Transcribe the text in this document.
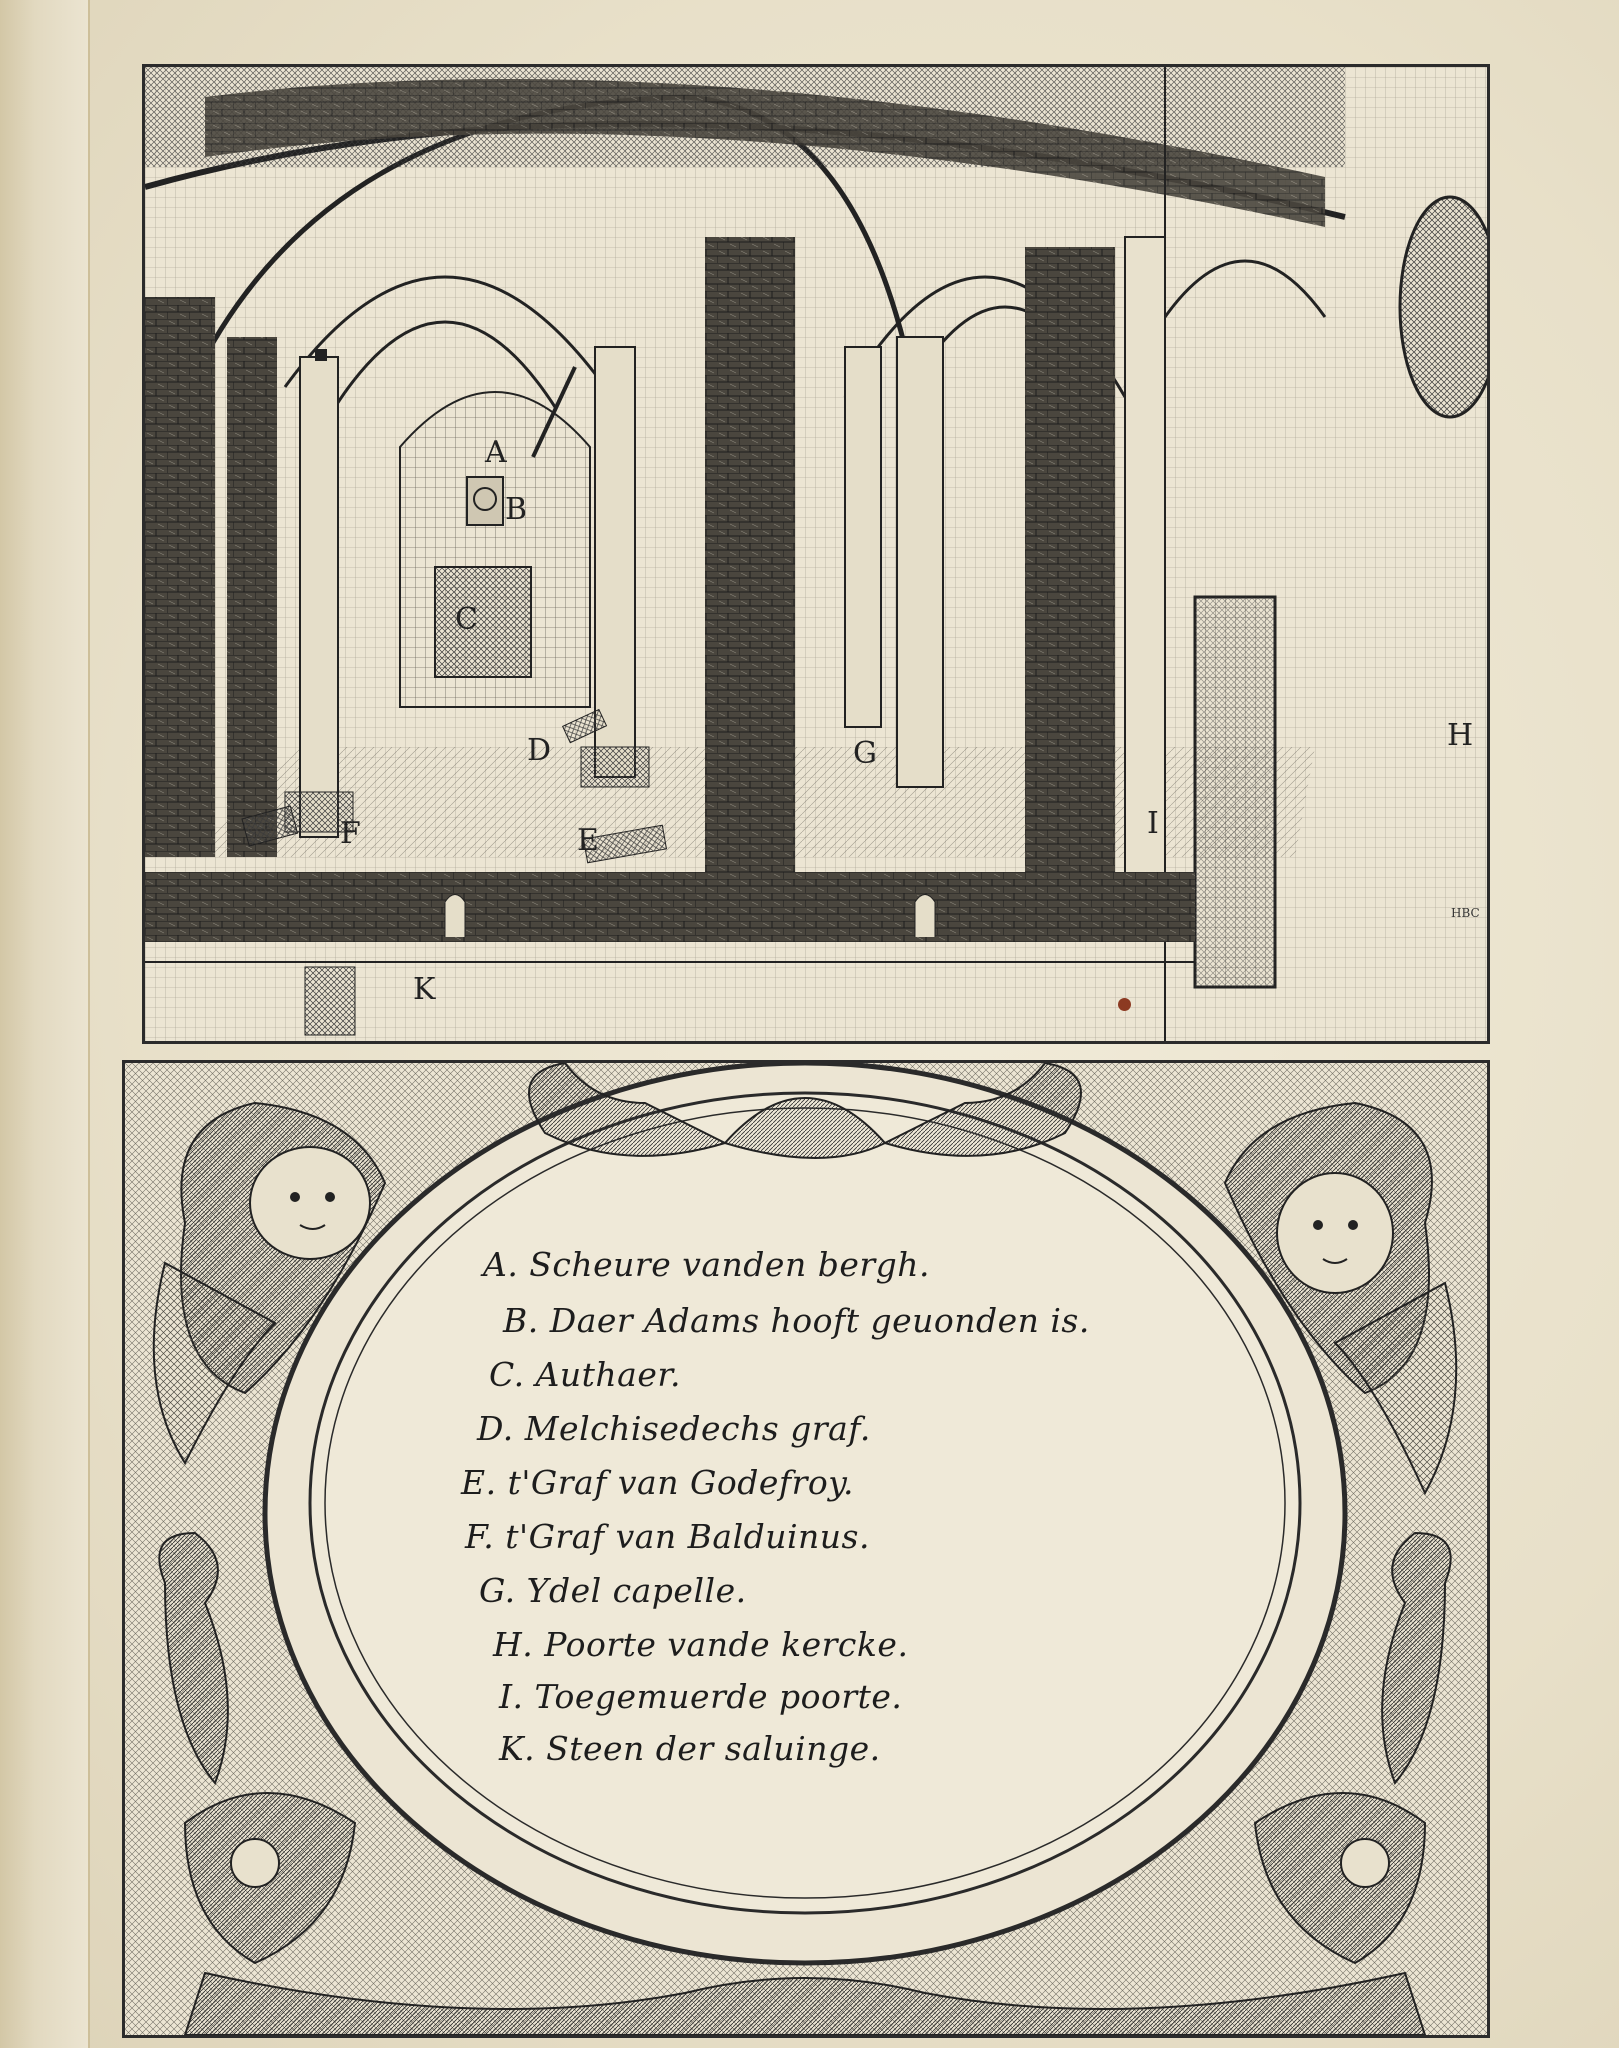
A
B
C
D
E
F
G
H
I
K
HBC
A. Scheure vanden bergh.
B. Daer Adams hooft geuonden is.
C. Authaer.
D. Melchisedechs graf.
E. t'Graf van Godefroy.
F. t'Graf van Balduinus.
G. Ydel capelle.
H. Poorte vande kercke.
I. Toegemuerde poorte.
K. Steen der saluinge.
